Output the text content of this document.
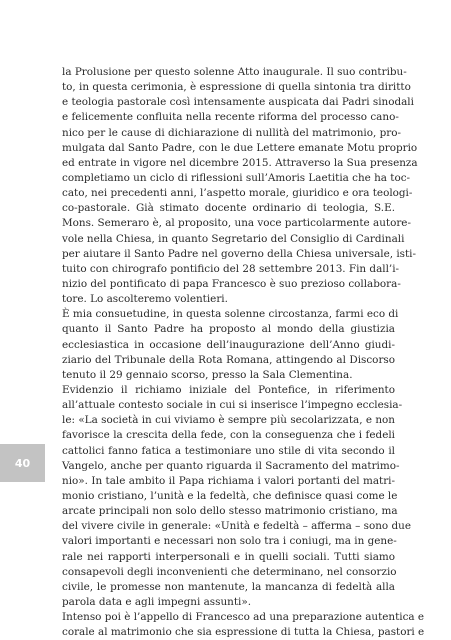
la Prolusione per questo solenne Atto inaugurale. Il suo contribu-
to, in questa cerimonia, è espressione di quella sintonia tra diritto
e teologia pastorale così intensamente auspicata dai Padri sinodali
e felicemente confluita nella recente riforma del processo cano-
nico per le cause di dichiarazione di nullità del matrimonio, pro-
mulgata dal Santo Padre, con le due Lettere emanate Motu proprio
ed entrate in vigore nel dicembre 2015. Attraverso la Sua presenza
completiamo un ciclo di riflessioni sull’Amoris Laetitia che ha toc-
cato, nei precedenti anni, l’aspetto morale, giuridico e ora teologi-
co-pastorale. Già stimato docente ordinario di teologia, S.E.
Mons. Semeraro è, al proposito, una voce particolarmente autore-
vole nella Chiesa, in quanto Segretario del Consiglio di Cardinali
per aiutare il Santo Padre nel governo della Chiesa universale, isti-
tuito con chirografo pontificio del 28 settembre 2013. Fin dall’i-
nizio del pontificato di papa Francesco è suo prezioso collabora-
tore. Lo ascolteremo volentieri.
È mia consuetudine, in questa solenne circostanza, farmi eco di
quanto il Santo Padre ha proposto al mondo della giustizia
ecclesiastica in occasione dell’inaugurazione dell’Anno giudi-
ziario del Tribunale della Rota Romana, attingendo al Discorso
tenuto il 29 gennaio scorso, presso la Sala Clementina.
Evidenzio il richiamo iniziale del Pontefice, in riferimento
all’attuale contesto sociale in cui si inserisce l’impegno ecclesia-
le: «La società in cui viviamo è sempre più secolarizzata, e non
favorisce la crescita della fede, con la conseguenza che i fedeli
cattolici fanno fatica a testimoniare uno stile di vita secondo il
Vangelo, anche per quanto riguarda il Sacramento del matrimo-
nio». In tale ambito il Papa richiama i valori portanti del matri-
monio cristiano, l’unità e la fedeltà, che definisce quasi come le
arcate principali non solo dello stesso matrimonio cristiano, ma
del vivere civile in generale: «Unità e fedeltà – afferma – sono due
valori importanti e necessari non solo tra i coniugi, ma in gene-
rale nei rapporti interpersonali e in quelli sociali. Tutti siamo
consapevoli degli inconvenienti che determinano, nel consorzio
civile, le promesse non mantenute, la mancanza di fedeltà alla
parola data e agli impegni assunti».
Intenso poi è l’appello di Francesco ad una preparazione autentica e
corale al matrimonio che sia espressione di tutta la Chiesa, pastori e
40
